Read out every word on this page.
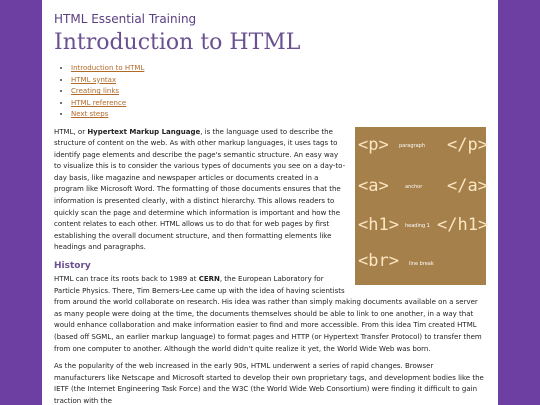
HTML Essential Training
Introduction to HTML
• Introduction to HTML
• HTML syntax
• Creating links
• HTML reference
• Next steps
<p> paragraph </p>
<a>	anchor </a>
<h1> heading 1 </h1>
<br> line break

HTML, or Hypertext Markup Language, is the language used to describe the structure of content on the web. As with other markup languages, it uses tags to identify page elements and describe the page's semantic structure. An easy way to visualize this is to consider the various types of documents you see on a day-to-day basis, like magazine and newspaper articles or documents created in a program like Microsoft Word. The formatting of those documents ensures that the information is presented clearly, with a distinct hierarchy. This allows readers to quickly scan the page and determine which information is important and how the content relates to each other. HTML allows us to do that for web pages by first establishing the overall document structure, and then formatting elements like headings and paragraphs.

History

HTML can trace its roots back to 1989 at CERN, the European Laboratory for Particle Physics. There, Tim Berners-Lee came up with the idea of having scientists from around the world collaborate on research. His idea was rather than simply making documents available on a server as many people were doing at the time, the documents themselves should be able to link to one another, in a way that would enhance collaboration and make information easier to find and more accessible. From this idea Tim created HTML (based off SGML, an earlier markup language) to format pages and HTTP (or Hypertext Transfer Protocol) to transfer them from one computer to another. Although the world didn't quite realize it yet, the World Wide Web was born.

As the popularity of the web increased in the early 90s, HTML underwent a series of rapid changes. Browser manufacturers like Netscape and Microsoft started to develop their own proprietary tags, and development bodies like the IETF (the Internet Engineering Task Force) and the W3C (the World Wide Web Consortium) were finding it difficult to gain traction with the
